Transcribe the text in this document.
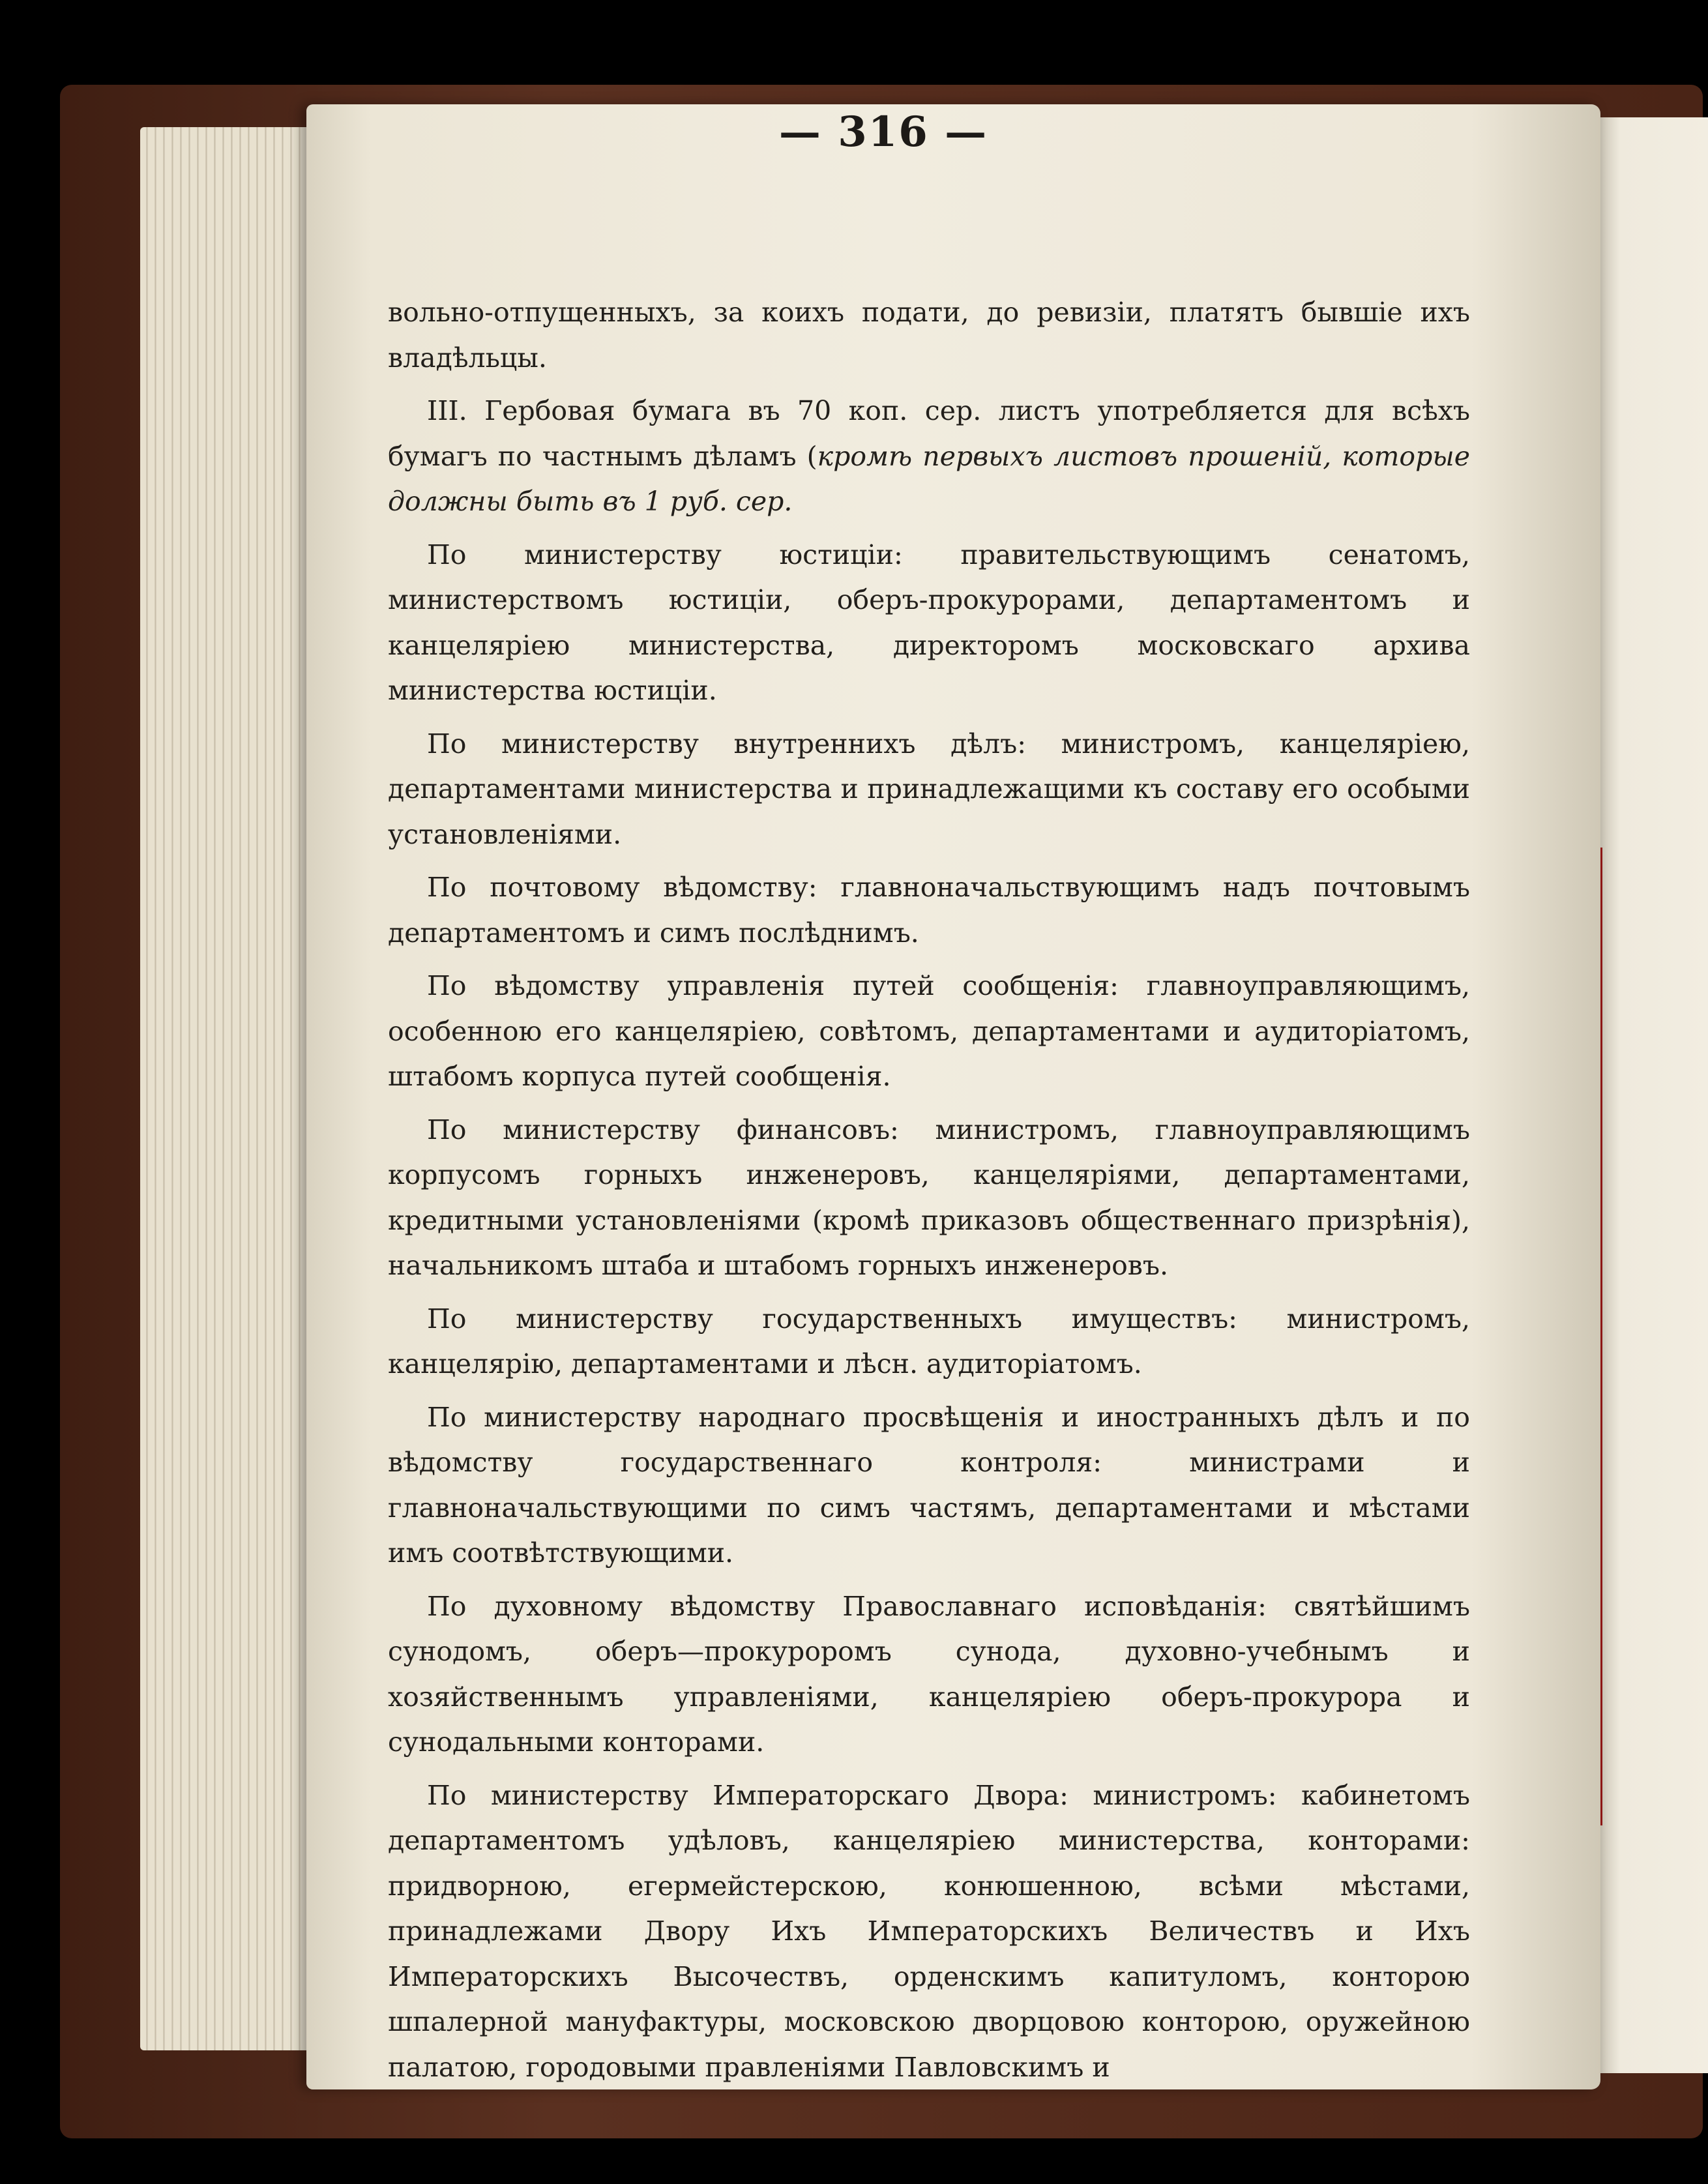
— 316 —

вольно-отпущенныхъ, за коихъ подати, до ревизіи, платятъ бывшіе ихъ владѣльцы.

III. Гербовая бумага въ 70 коп. сер. листъ употребляется для всѣхъ бумагъ по частнымъ дѣламъ (кромѣ первыхъ листовъ прошеній, которые должны быть въ 1 руб. сер.

По министерству юстиціи: правительствующимъ сенатомъ, министерствомъ юстиціи, оберъ-прокурорами, департаментомъ и канцеляріею министерства, директоромъ московскаго архива министерства юстиціи.

По министерству внутреннихъ дѣлъ: министромъ, канцеляріею, департаментами министерства и принадлежащими къ составу его особыми установленіями.

По почтовому вѣдомству: главноначальствующимъ надъ почтовымъ департаментомъ и симъ послѣднимъ.

По вѣдомству управленія путей сообщенія: главноуправляющимъ, особенною его канцеляріею, совѣтомъ, департаментами и аудиторіатомъ, штабомъ корпуса путей сообщенія.

По министерству финансовъ: министромъ, главноуправляющимъ корпусомъ горныхъ инженеровъ, канцеляріями, департаментами, кредитными установленіями (кромѣ приказовъ общественнаго призрѣнія), начальникомъ штаба и штабомъ горныхъ инженеровъ.

По министерству государственныхъ имуществъ: министромъ, канцелярію, департаментами и лѣсн. аудиторіатомъ.

По министерству народнаго просвѣщенія и иностранныхъ дѣлъ и по вѣдомству государственнаго контроля: министрами и главноначальствующими по симъ частямъ, департаментами и мѣстами имъ соотвѣтствующими.

По духовному вѣдомству Православнаго исповѣданія: святѣйшимъ сунодомъ, оберъ—прокуроромъ сунода, духовно-учебнымъ и хозяйственнымъ управленіями, канцеляріею оберъ-прокурора и сунодальными конторами.

По министерству Императорскаго Двора: министромъ: кабинетомъ департаментомъ удѣловъ, канцеляріею министерства, конторами: придворною, егермейстерскою, конюшенною, всѣми мѣстами, принадлежами Двору Ихъ Императорскихъ Величествъ и Ихъ Императорскихъ Высочествъ, орденскимъ капитуломъ, конторою шпалерной мануфактуры, московскою дворцовою конторою, оружейною палатою, городовыми правленіями Павловскимъ и
